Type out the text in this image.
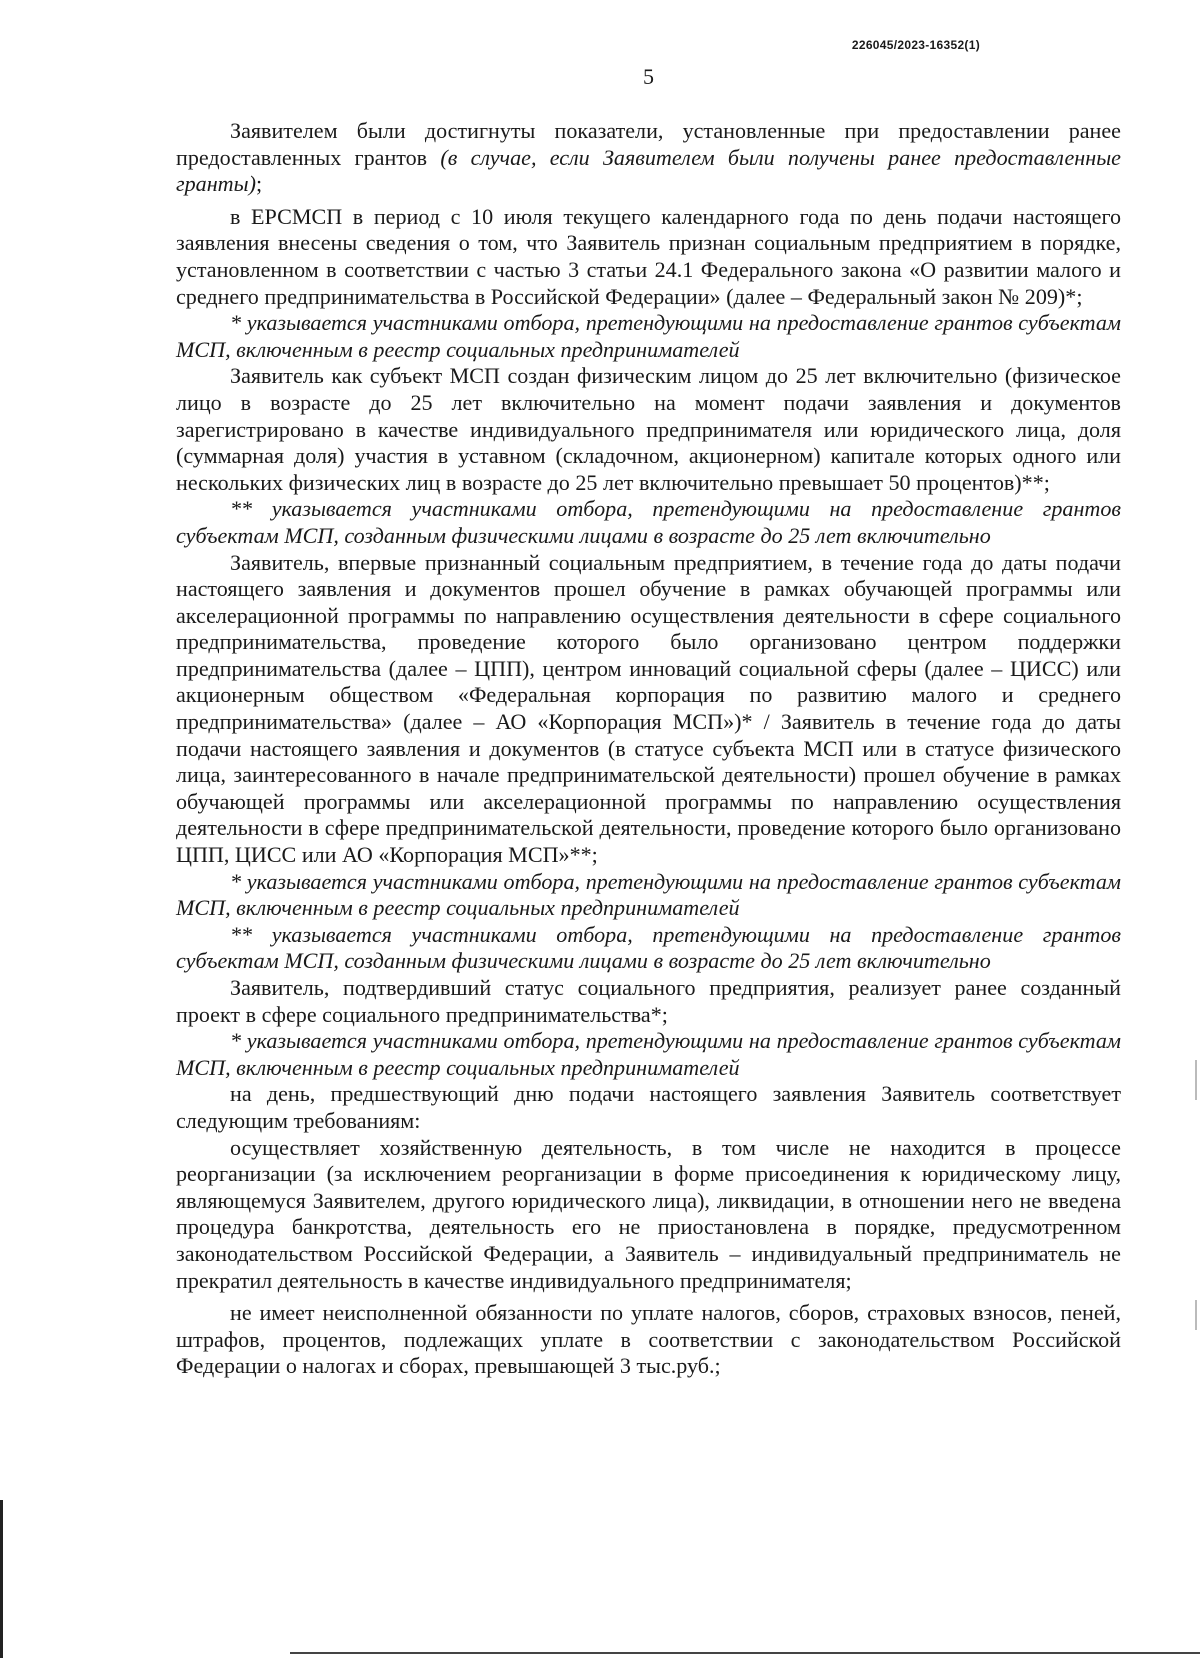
226045/2023-16352(1)
5

Заявителем были достигнуты показатели, установленные при предоставлении ранее предоставленных грантов (в случае, если Заявителем были получены ранее предоставленные гранты);

в ЕРСМСП в период с 10 июля текущего календарного года по день подачи настоящего заявления внесены сведения о том, что Заявитель признан социальным предприятием в порядке, установленном в соответствии с частью 3 статьи 24.1 Федерального закона «О развитии малого и среднего предпринимательства в Российской Федерации» (далее – Федеральный закон № 209)*;

* указывается участниками отбора, претендующими на предоставление грантов субъектам МСП, включенным в реестр социальных предпринимателей

Заявитель как субъект МСП создан физическим лицом до 25 лет включительно (физическое лицо в возрасте до 25 лет включительно на момент подачи заявления и документов зарегистрировано в качестве индивидуального предпринимателя или юридического лица, доля (суммарная доля) участия в уставном (складочном, акционерном) капитале которых одного или нескольких физических лиц в возрасте до 25 лет включительно превышает 50 процентов)**;

** указывается участниками отбора, претендующими на предоставление грантов субъектам МСП, созданным физическими лицами в возрасте до 25 лет включительно

Заявитель, впервые признанный социальным предприятием, в течение года до даты подачи настоящего заявления и документов прошел обучение в рамках обучающей программы или акселерационной программы по направлению осуществления деятельности в сфере социального предпринимательства, проведение которого было организовано центром поддержки предпринимательства (далее – ЦПП), центром инноваций социальной сферы (далее – ЦИСС) или акционерным обществом «Федеральная корпорация по развитию малого и среднего предпринимательства» (далее – АО «Корпорация МСП»)* / Заявитель в течение года до даты подачи настоящего заявления и документов (в статусе субъекта МСП или в статусе физического лица, заинтересованного в начале предпринимательской деятельности) прошел обучение в рамках обучающей программы или акселерационной программы по направлению осуществления деятельности в сфере предпринимательской деятельности, проведение которого было организовано ЦПП, ЦИСС или АО «Корпорация МСП»**;

* указывается участниками отбора, претендующими на предоставление грантов субъектам МСП, включенным в реестр социальных предпринимателей

** указывается участниками отбора, претендующими на предоставление грантов субъектам МСП, созданным физическими лицами в возрасте до 25 лет включительно

Заявитель, подтвердивший статус социального предприятия, реализует ранее созданный проект в сфере социального предпринимательства*;

* указывается участниками отбора, претендующими на предоставление грантов субъектам МСП, включенным в реестр социальных предпринимателей

на день, предшествующий дню подачи настоящего заявления Заявитель соответствует следующим требованиям:

осуществляет хозяйственную деятельность, в том числе не находится в процессе реорганизации (за исключением реорганизации в форме присоединения к юридическому лицу, являющемуся Заявителем, другого юридического лица), ликвидации, в отношении него не введена процедура банкротства, деятельность его не приостановлена в порядке, предусмотренном законодательством Российской Федерации, а Заявитель – индивидуальный предприниматель не прекратил деятельность в качестве индивидуального предпринимателя;

не имеет неисполненной обязанности по уплате налогов, сборов, страховых взносов, пеней, штрафов, процентов, подлежащих уплате в соответствии с законодательством Российской Федерации о налогах и сборах, превышающей 3 тыс.руб.;
